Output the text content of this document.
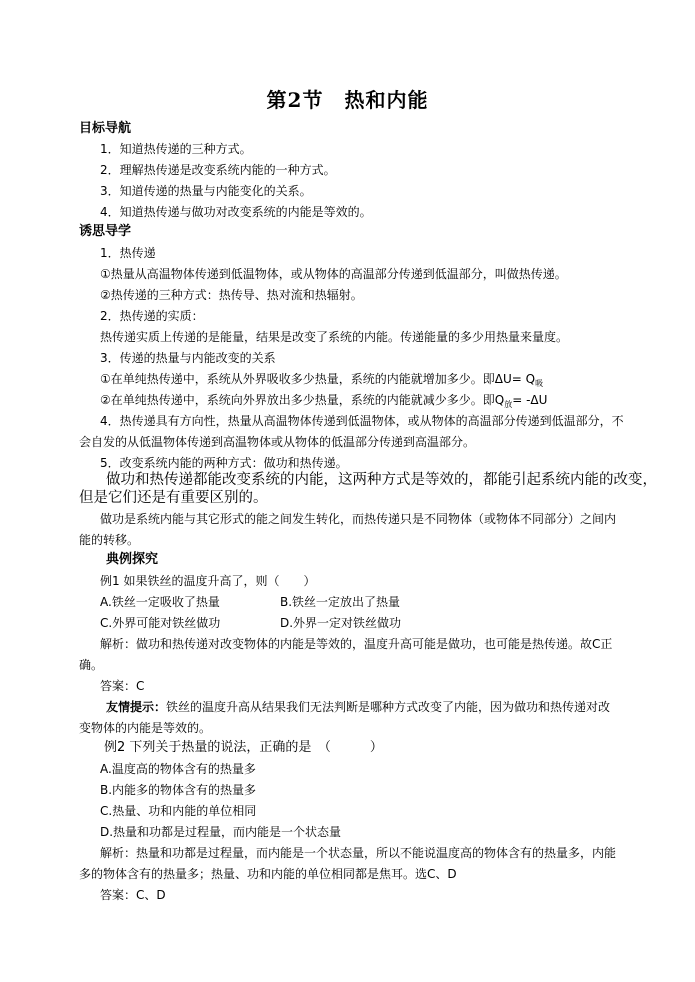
第2节　热和内能
目标导航
1．知道热传递的三种方式。
2．理解热传递是改变系统内能的一种方式。
3．知道传递的热量与内能变化的关系。
4．知道热传递与做功对改变系统的内能是等效的。
诱思导学
1．热传递
①热量从高温物体传递到低温物体，或从物体的高温部分传递到低温部分，叫做热传递。
②热传递的三种方式：热传导、热对流和热辐射。
2．热传递的实质：
热传递实质上传递的是能量，结果是改变了系统的内能。传递能量的多少用热量来量度。
3．传递的热量与内能改变的关系
①在单纯热传递中，系统从外界吸收多少热量，系统的内能就增加多少。即$\Delta U= Q_吸$
②在单纯热传递中，系统向外界放出多少热量，系统的内能就减少多少。即$Q_放= -\Delta U$
4．热传递具有方向性，热量从高温物体传递到低温物体，或从物体的高温部分传递到低温部分，不
会自发的从低温物体传递到高温物体或从物体的低温部分传递到高温部分。
5．改变系统内能的两种方式：做功和热传递。
做功和热传递都能改变系统的内能，这两种方式是等效的，都能引起系统内能的改变，
但是它们还是有重要区别的。
做功是系统内能与其它形式的能之间发生转化，而热传递只是不同物体（或物体不同部分）之间内
能的转移。
典例探究
例1 如果铁丝的温度升高了，则（　　）
A.铁丝一定吸收了热量	B.铁丝一定放出了热量
C.外界可能对铁丝做功	D.外界一定对铁丝做功
解析：做功和热传递对改变物体的内能是等效的，温度升高可能是做功，也可能是热传递。故C正
确。
答案：C
友情提示：铁丝的温度升高从结果我们无法判断是哪种方式改变了内能，因为做功和热传递对改
变物体的内能是等效的。
例2 下列关于热量的说法，正确的是　（　　　）
A.温度高的物体含有的热量多
B.内能多的物体含有的热量多
C.热量、功和内能的单位相同
D.热量和功都是过程量，而内能是一个状态量
解析：热量和功都是过程量，而内能是一个状态量，所以不能说温度高的物体含有的热量多，内能
多的物体含有的热量多；热量、功和内能的单位相同都是焦耳。选C、D
答案：C、D
